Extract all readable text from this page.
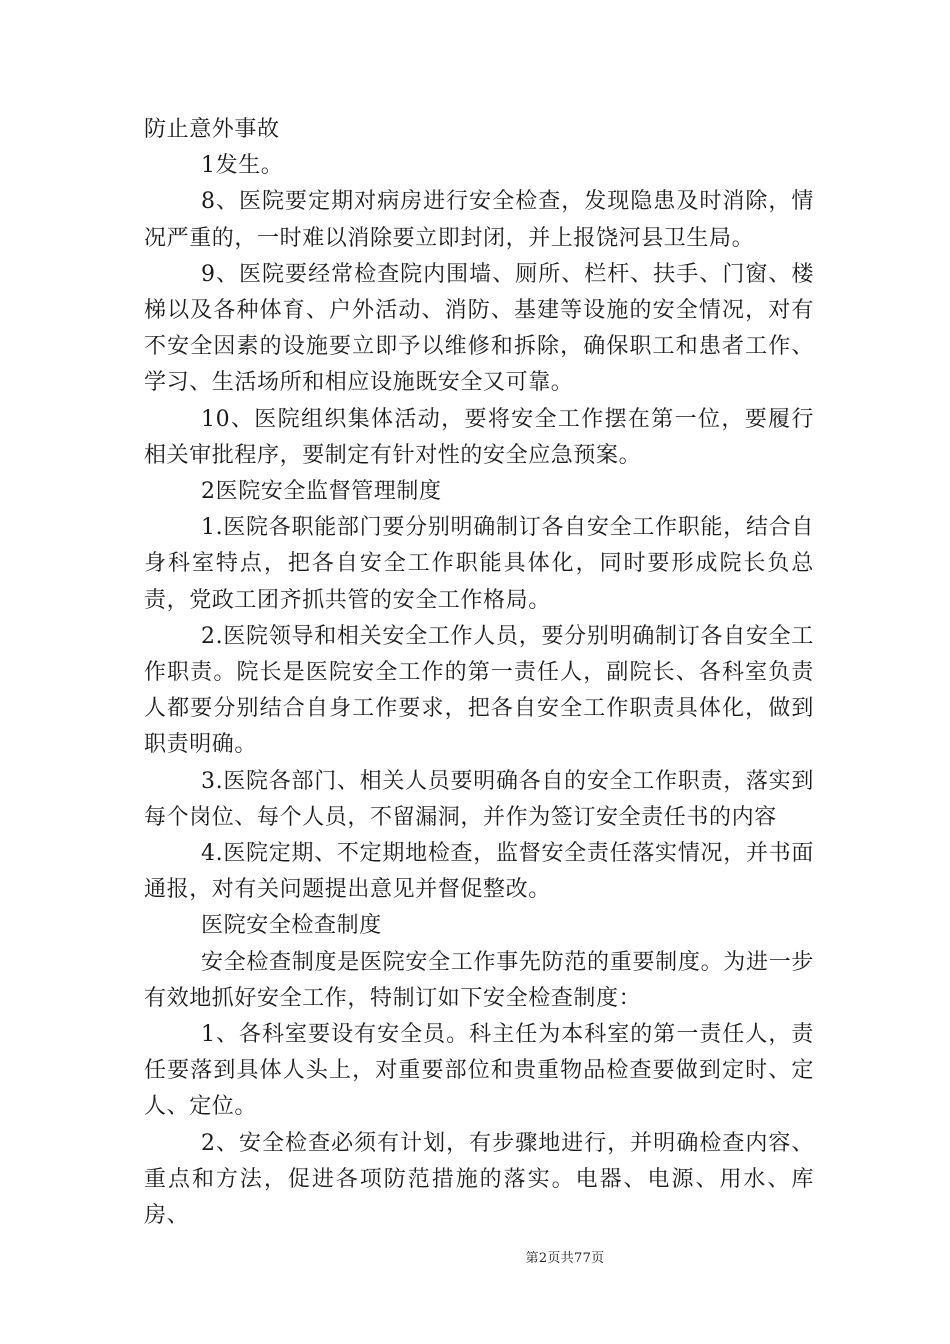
防止意外事故

1发生。

8、医院要定期对病房进行安全检查，发现隐患及时消除，情况严重的，一时难以消除要立即封闭，并上报饶河县卫生局。

9、医院要经常检查院内围墙、厕所、栏杆、扶手、门窗、楼梯以及各种体育、户外活动、消防、基建等设施的安全情况，对有不安全因素的设施要立即予以维修和拆除，确保职工和患者工作、学习、生活场所和相应设施既安全又可靠。

10、医院组织集体活动，要将安全工作摆在第一位，要履行相关审批程序，要制定有针对性的安全应急预案。

2医院安全监督管理制度

1.医院各职能部门要分别明确制订各自安全工作职能，结合自身科室特点，把各自安全工作职能具体化，同时要形成院长负总责，党政工团齐抓共管的安全工作格局。

2.医院领导和相关安全工作人员，要分别明确制订各自安全工作职责。院长是医院安全工作的第一责任人，副院长、各科室负责人都要分别结合自身工作要求，把各自安全工作职责具体化，做到职责明确。

3.医院各部门、相关人员要明确各自的安全工作职责，落实到每个岗位、每个人员，不留漏洞，并作为签订安全责任书的内容

4.医院定期、不定期地检查，监督安全责任落实情况，并书面通报，对有关问题提出意见并督促整改。

医院安全检查制度

安全检查制度是医院安全工作事先防范的重要制度。为进一步有效地抓好安全工作，特制订如下安全检查制度：

1、各科室要设有安全员。科主任为本科室的第一责任人，责任要落到具体人头上，对重要部位和贵重物品检查要做到定时、定人、定位。

2、安全检查必须有计划，有步骤地进行，并明确检查内容、重点和方法，促进各项防范措施的落实。电器、电源、用水、库房、

第2页共77页
